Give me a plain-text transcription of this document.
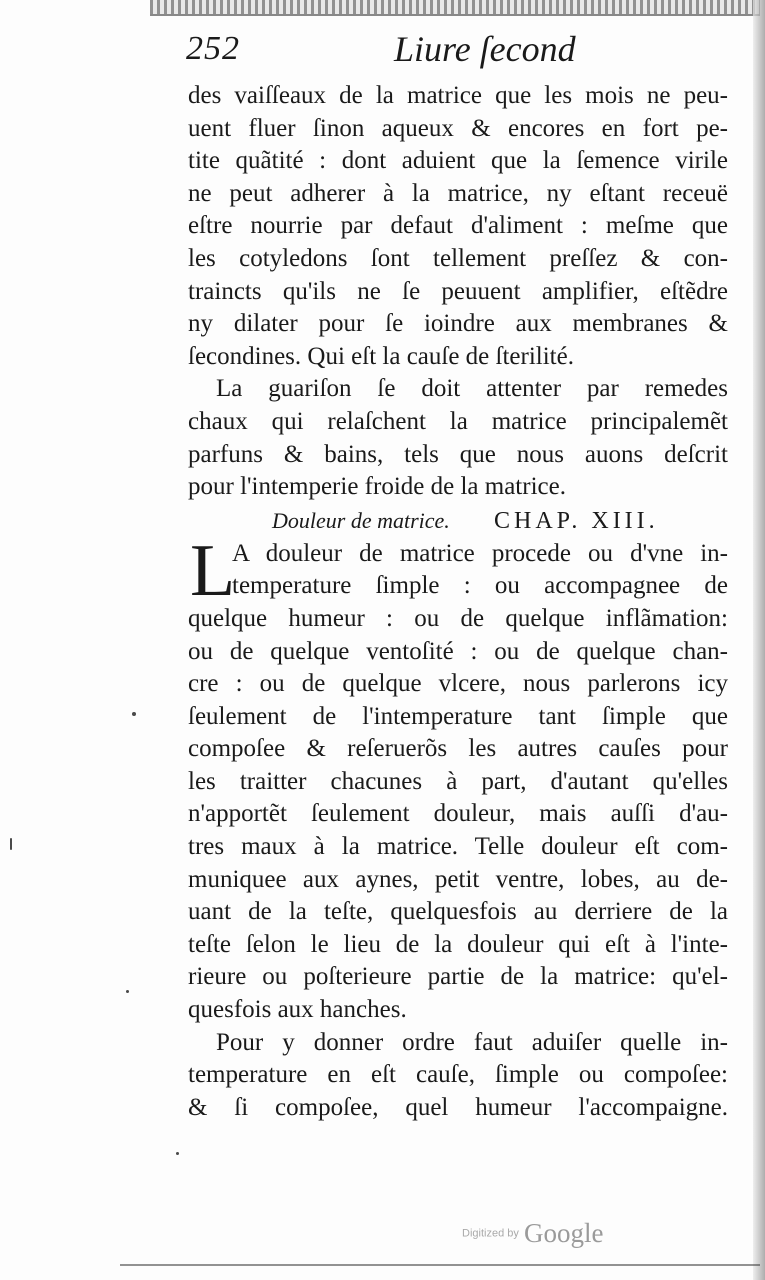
252	Liure ſecond
des vaiſſeaux de la matrice que les mois ne peu-
uent fluer ſinon aqueux & encores en fort pe-
tite quãtité : dont aduient que la ſemence virile
ne peut adherer à la matrice, ny eſtant receuë
eſtre nourrie par defaut d'aliment : meſme que
les cotyledons ſont tellement preſſez & con-
traincts qu'ils ne ſe peuuent amplifier, eſtẽdre
ny dilater pour ſe ioindre aux membranes &
ſecondines. Qui eſt la cauſe de ſterilité.
La guariſon ſe doit attenter par remedes
chaux qui relaſchent la matrice principalemẽt
parfuns & bains, tels que nous auons deſcrit
pour l'intemperie froide de la matrice.
Douleur de matrice. CHAP. XIII.
L
A douleur de matrice procede ou d'vne in-
temperature ſimple : ou accompagnee de
quelque humeur : ou de quelque inflãmation:
ou de quelque ventoſité : ou de quelque chan-
cre : ou de quelque vlcere, nous parlerons icy
ſeulement de l'intemperature tant ſimple que
compoſee & reſeruerõs les autres cauſes pour
les traitter chacunes à part, d'autant qu'elles
n'apportẽt ſeulement douleur, mais auſſi d'au-
tres maux à la matrice. Telle douleur eſt com-
muniquee aux aynes, petit ventre, lobes, au de-
uant de la teſte, quelquesfois au derriere de la
teſte ſelon le lieu de la douleur qui eſt à l'inte-
rieure ou poſterieure partie de la matrice: qu'el-
quesfois aux hanches.
Pour y donner ordre faut aduiſer quelle in-
temperature en eſt cauſe, ſimple ou compoſee:
& ſi compoſee, quel humeur l'accompaigne.
Digitized by Google
